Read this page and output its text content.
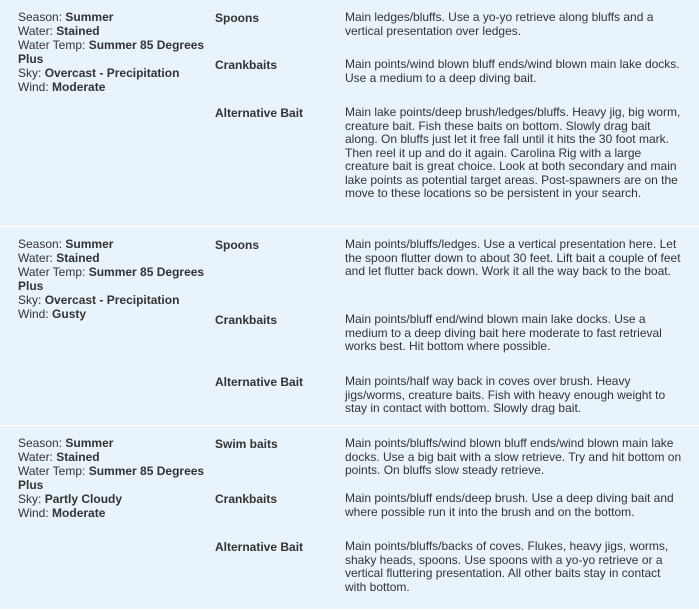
Season: Summer
Water: Stained
Water Temp: Summer 85 Degrees Plus
Sky: Overcast - Precipitation
Wind: Moderate
Spoons	Main ledges/bluffs. Use a yo-yo retrieve along bluffs and a vertical presentation over ledges.
Crankbaits	Main points/wind blown bluff ends/wind blown main lake docks. Use a medium to a deep diving bait.
Alternative Bait	Main lake points/deep brush/ledges/bluffs. Heavy jig, big worm, creature bait. Fish these baits on bottom. Slowly drag bait along. On bluffs just let it free fall until it hits the 30 foot mark. Then reel it up and do it again. Carolina Rig with a large creature bait is great choice. Look at both secondary and main lake points as potential target areas. Post-spawners are on the move to these locations so be persistent in your search.
Season: Summer
Water: Stained
Water Temp: Summer 85 Degrees Plus
Sky: Overcast - Precipitation
Wind: Gusty
Spoons	Main points/bluffs/ledges. Use a vertical presentation here. Let the spoon flutter down to about 30 feet. Lift bait a couple of feet and let flutter back down. Work it all the way back to the boat.
Crankbaits	Main points/bluff end/wind blown main lake docks. Use a medium to a deep diving bait here moderate to fast retrieval works best. Hit bottom where possible.
Alternative Bait	Main points/half way back in coves over brush. Heavy jigs/worms, creature baits. Fish with heavy enough weight to stay in contact with bottom. Slowly drag bait.
Season: Summer
Water: Stained
Water Temp: Summer 85 Degrees Plus
Sky: Partly Cloudy
Wind: Moderate
Swim baits	Main points/bluffs/wind blown bluff ends/wind blown main lake docks. Use a big bait with a slow retrieve. Try and hit bottom on points. On bluffs slow steady retrieve.
Crankbaits	Main points/bluff ends/deep brush. Use a deep diving bait and where possible run it into the brush and on the bottom.
Alternative Bait	Main points/bluffs/backs of coves. Flukes, heavy jigs, worms, shaky heads, spoons. Use spoons with a yo-yo retrieve or a vertical fluttering presentation. All other baits stay in contact with bottom.
